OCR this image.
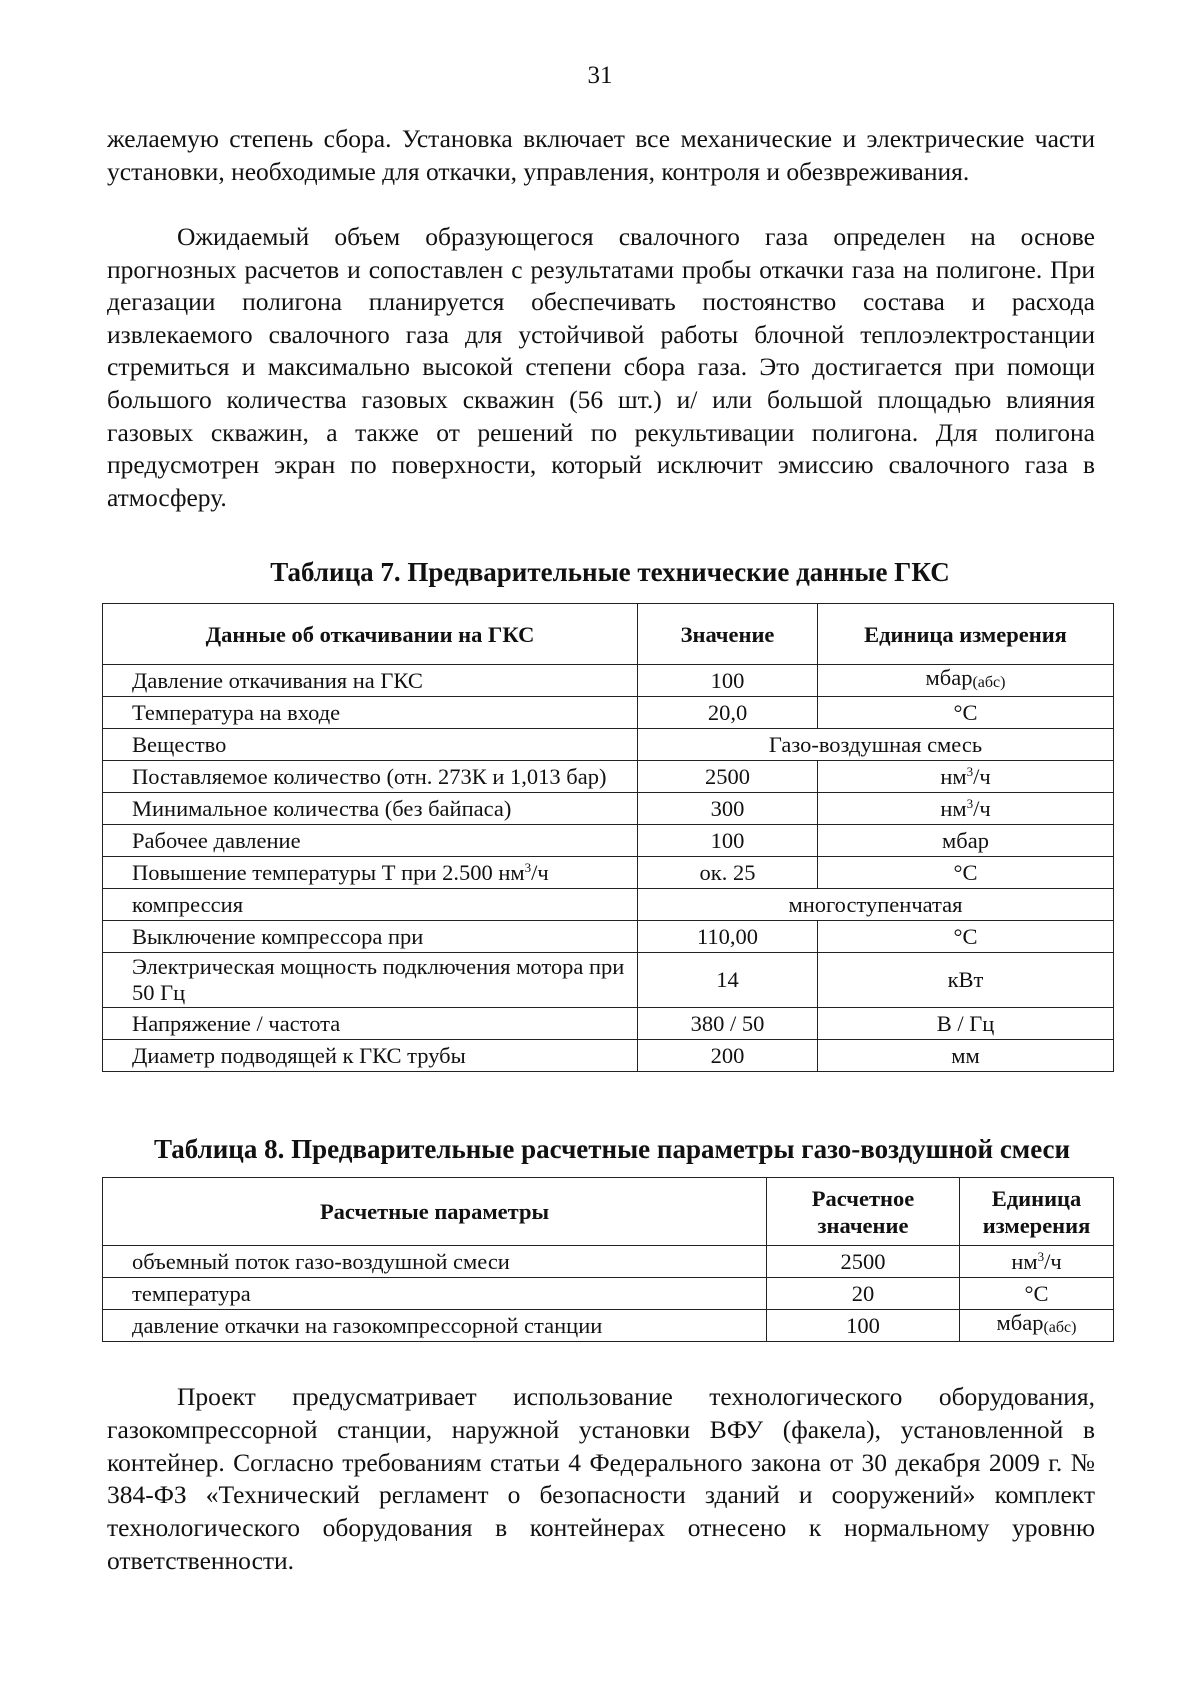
31

желаемую степень сбора. Установка включает все механические и электрические части установки, необходимые для откачки, управления, контроля и обезвреживания.

Ожидаемый объем образующегося свалочного газа определен на основе прогнозных расчетов и сопоставлен с результатами пробы откачки газа на полигоне. При дегазации полигона планируется обеспечивать постоянство состава и расхода извлекаемого свалочного газа для устойчивой работы блочной теплоэлектростанции стремиться и максимально высокой степени сбора газа. Это достигается при помощи большого количества газовых скважин (56 шт.) и/ или большой площадью влияния газовых скважин, а также от решений по рекультивации полигона. Для полигона предусмотрен экран по поверхности, который исключит эмиссию свалочного газа в атмосферу.

Таблица 7. Предварительные технические данные ГКС

Данные об откачивании на ГКС	Значение	Единица измерения
Давление откачивания на ГКС	100	мбар(абс)
Температура на входе	20,0	°С
Вещество	Газо-воздушная смесь	
Поставляемое количество (отн. 273К и 1,013 бар)	2500	$нм^3/ч$
Минимальное количества (без байпаса)	300	$нм^3/ч$
Рабочее давление	100	мбар
Повышение температуры Т при 2.500 $нм^3/ч$	ок. 25	°С
компрессия	многоступенчатая	
Выключение компрессора при	110,00	°С
Электрическая мощность подключения мотора при 50 Гц	14	кВт
Напряжение / частота	380 / 50	В / Гц
Диаметр подводящей к ГКС трубы	200	мм

Таблица 8. Предварительные расчетные параметры газо-воздушной смеси

Расчетные параметры	Расчетное значение	Единица измерения
объемный поток газо-воздушной смеси	2500	$нм^3/ч$
температура	20	°С
давление откачки на газокомпрессорной станции	100	мбар(абс)

Проект предусматривает использование технологического оборудования, газокомпрессорной станции, наружной установки ВФУ (факела), установленной в контейнер. Согласно требованиям статьи 4 Федерального закона от 30 декабря 2009 г. № 384-ФЗ «Технический регламент о безопасности зданий и сооружений» комплект технологического оборудования в контейнерах отнесено к нормальному уровню ответственности.
